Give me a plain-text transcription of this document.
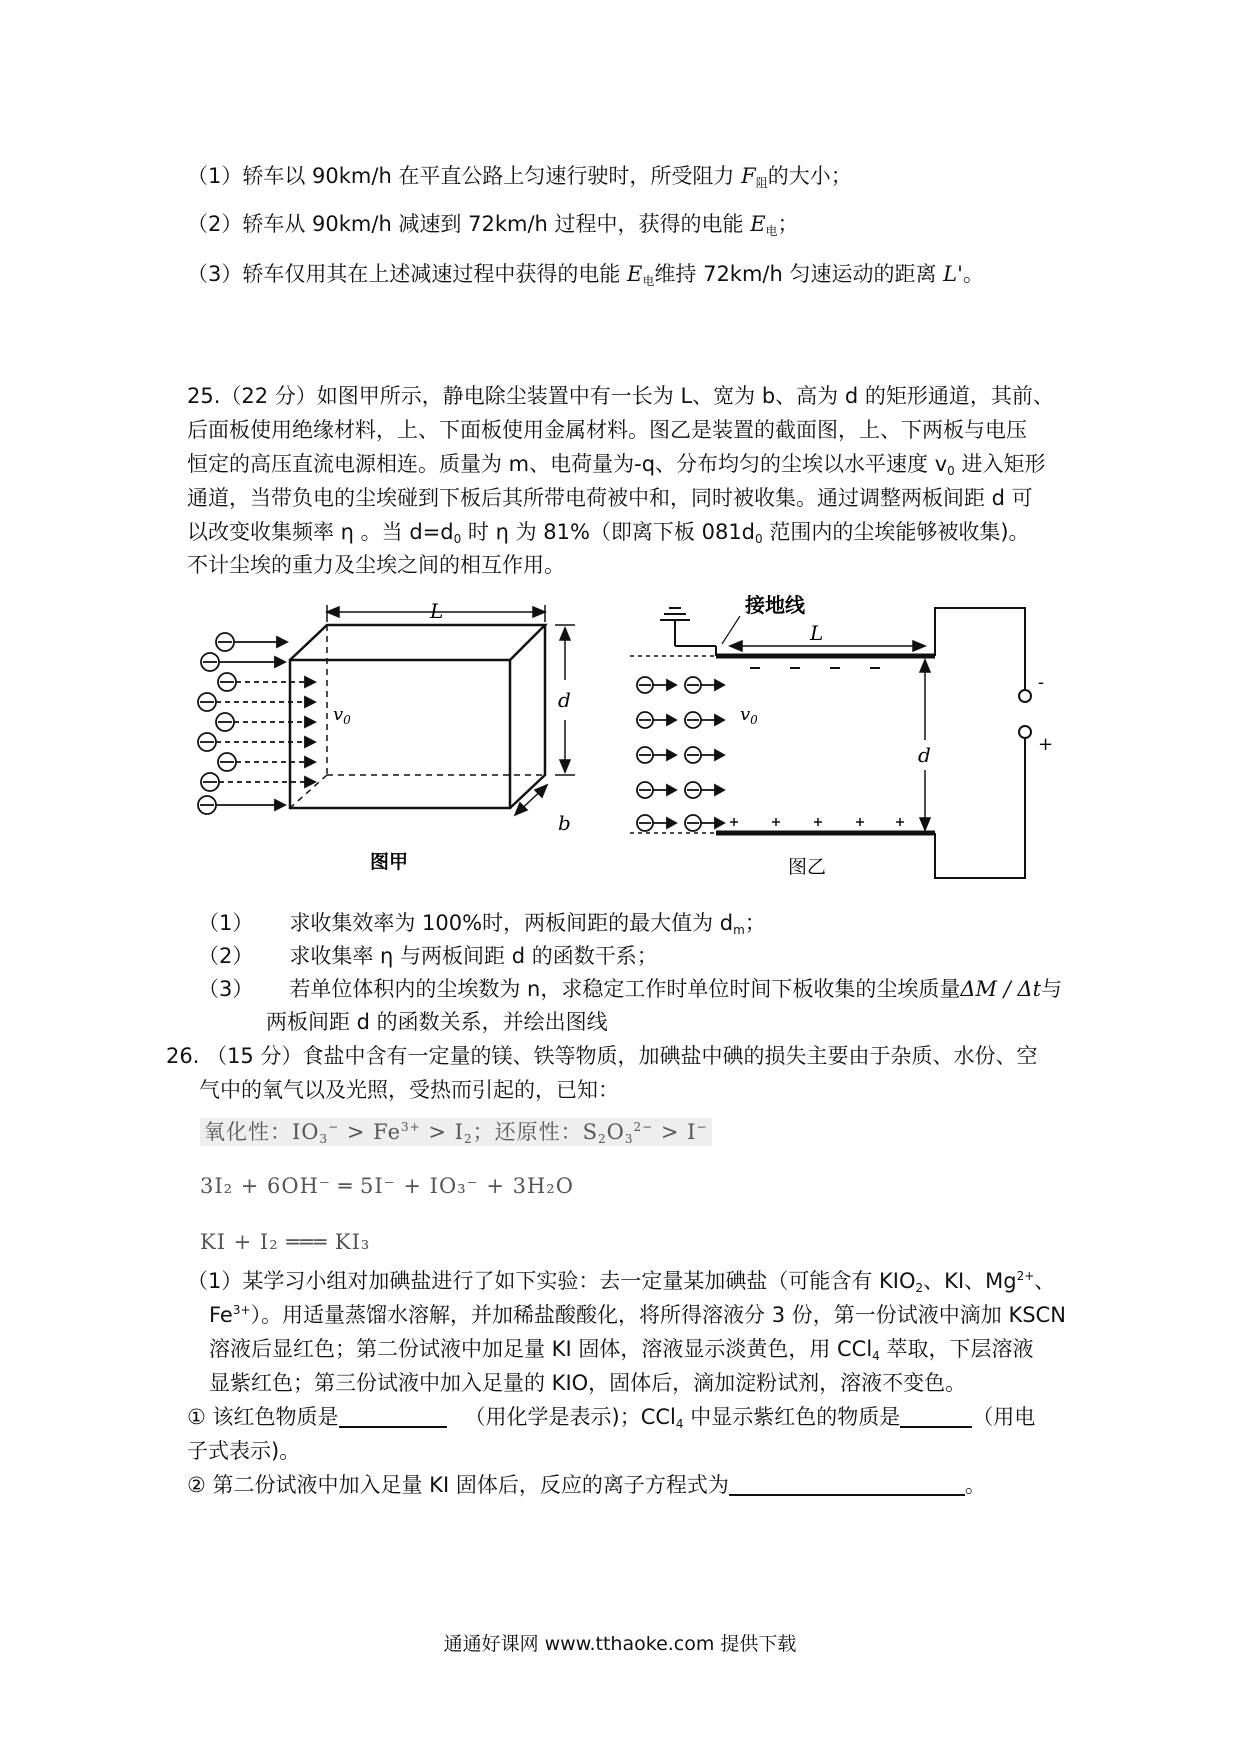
（1）轿车以 90km/h 在平直公路上匀速行驶时，所受阻力 F阻的大小；
（2）轿车从 90km/h 减速到 72km/h 过程中，获得的电能 E电；
（3）轿车仅用其在上述减速过程中获得的电能 E电维持 72km/h 匀速运动的距离 L'。
25.（22 分）如图甲所示，静电除尘装置中有一长为 L、宽为 b、高为 d 的矩形通道，其前、
后面板使用绝缘材料，上、下面板使用金属材料。图乙是装置的截面图，上、下两板与电压
恒定的高压直流电源相连。质量为 m、电荷量为-q、分布均匀的尘埃以水平速度 v0 进入矩形
通道，当带负电的尘埃碰到下板后其所带电荷被中和，同时被收集。通过调整两板间距 d 可
以改变收集频率 η 。当 d=d0 时 η 为 81%（即离下板 081d0 范围内的尘埃能够被收集)。
不计尘埃的重力及尘埃之间的相互作用。
L
d
b
$v_0$
图甲
接地线
-
+
L
d
$v_0$
图乙
（1） 求收集效率为 100%时，两板间距的最大值为 dm；
（2） 求收集率 η 与两板间距 d 的函数干系；
（3） 若单位体积内的尘埃数为 n，求稳定工作时单位时间下板收集的尘埃质量ΔM / Δt与
两板间距 d 的函数关系，并绘出图线
26. （15 分）食盐中含有一定量的镁、铁等物质，加碘盐中碘的损失主要由于杂质、水份、空
气中的氧气以及光照，受热而引起的，已知：
氧化性：$IO3^- > Fe^{3+} > I2$；还原性：$S2O3^{2-} > I^-$
3I₂ + 6OH⁻ ═ 5I⁻ + IO₃⁻ + 3H₂O
KI + I₂ ═══ KI₃
（1）某学习小组对加碘盐进行了如下实验：去一定量某加碘盐（可能含有 KIO2、KI、$Mg^{2+}$、
$Fe^{3+}$）。用适量蒸馏水溶解，并加稀盐酸酸化，将所得溶液分 3 份，第一份试液中滴加 KSCN
溶液后显红色；第二份试液中加足量 KI 固体，溶液显示淡黄色，用 CCl4 萃取，下层溶液
显紫红色；第三份试液中加入足量的 KIO，固体后，滴加淀粉试剂，溶液不变色。
① 该红色物质是	（用化学是表示)；CCl4 中显示紫红色的物质是	（用电
子式表示)。
② 第二份试液中加入足量 KI 固体后，反应的离子方程式为	。
通通好课网 www.tthaoke.com 提供下载
